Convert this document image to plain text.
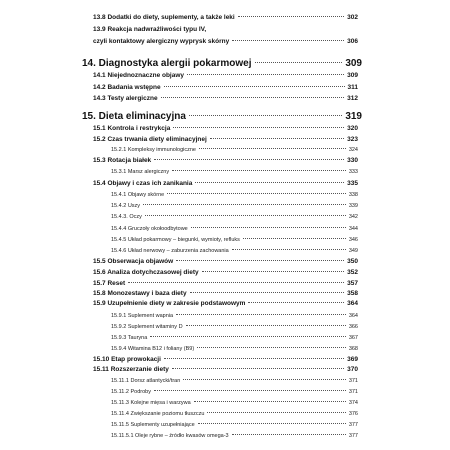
13.8 Dodatki do diety, suplementy, a także leki	302
13.9 Reakcja nadwrażliwości typu IV,
czyli kontaktowy alergiczny wyprysk skórny	306
14. Diagnostyka alergii pokarmowej	309
14.1 Niejednoznaczne objawy	309
14.2 Badania wstępne	311
14.3 Testy alergiczne	312
15. Dieta eliminacyjna	319
15.1 Kontrola i restrykcja	320
15.2 Czas trwania diety eliminacyjnej	323
15.2.1 Kompleksy immunologiczne	324
15.3 Rotacja białek	330
15.3.1 Marsz alergiczny	333
15.4 Objawy i czas ich zanikania	335
15.4.1 Objawy skórne	338
15.4.2 Uszy	339
15.4.3. Oczy	342
15.4.4 Gruczoły okołoodbytowe	344
15.4.5 Układ pokarmowy – biegunki, wymioty, refluks	346
15.4.6 Układ nerwowy – zaburzenia zachowania	349
15.5 Obserwacja objawów	350
15.6 Analiza dotychczasowej diety	352
15.7 Reset	357
15.8 Monozestawy i baza diety	358
15.9 Uzupełnienie diety w zakresie podstawowym	364
15.9.1 Suplement wapnia	364
15.9.2 Suplement witaminy D	366
15.9.3 Tauryna	367
15.9.4 Witamina B12 i foliany (B9)	368
15.10 Etap prowokacji	369
15.11 Rozszerzanie diety	370
15.11.1 Dorsz atlantycki/tran	371
15.11.2 Podroby	371
15.11.3 Kolejne mięsa i warzywa	374
15.11.4 Zwiększanie poziomu tłuszczu	376
15.11.5 Suplementy uzupełniające	377
15.11.5.1 Oleje rybne – źródło kwasów omega-3	377
